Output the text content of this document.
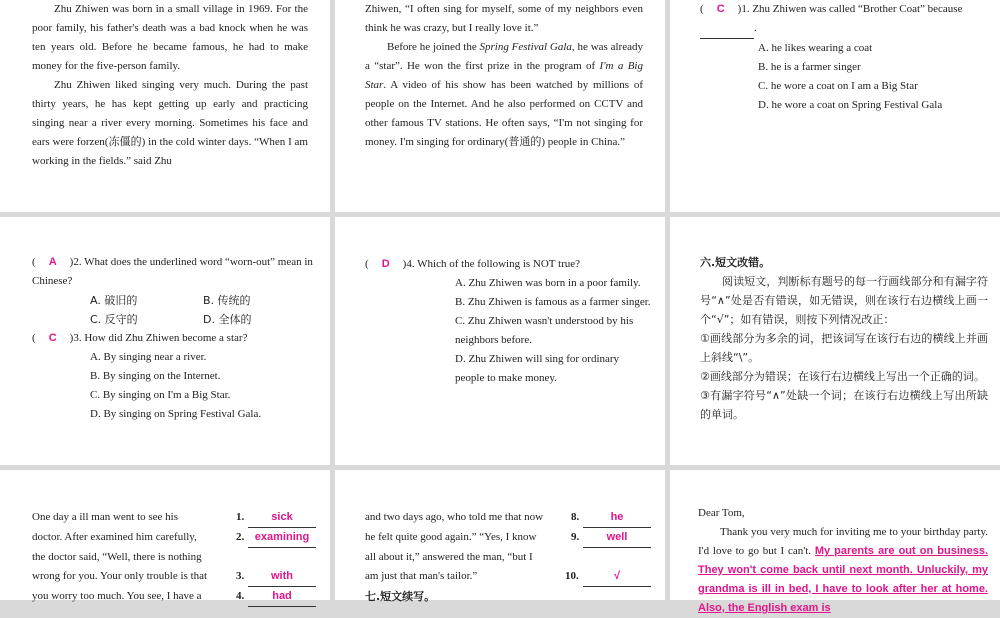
Zhu Zhiwen was born in a small village in 1969. For the poor family, his father's death was a bad knock when he was ten years old. Before he became famous, he had to make money for the five-person family.

Zhu Zhiwen liked singing very much. During the past thirty years, he has kept getting up early and practicing singing near a river every morning. Sometimes his face and ears were forzen(冻僵的) in the cold winter days. “When I am working in the fields.” said Zhu

Zhiwen, “I often sing for myself, some of my neighbors even think he was crazy, but I really love it.”

Before he joined the Spring Festival Gala, he was already a “star”. He won the first prize in the program of I'm a Big Star. A video of his show has been watched by millions of people on the Internet. And he also performed on CCTV and other famous TV stations. He often says, “I'm not singing for money. I'm singing for ordinary(普通的) people in China.”

( C )1. Zhu Zhiwen was called “Brother Coat” because  .

A. he likes wearing a coat
B. he is a farmer singer
C. he wore a coat on I am a Big Star
D. he wore a coat on Spring Festival Gala

( A )2. What does the underlined word “worn-out” mean in Chinese?

A. 破旧的	B. 传统的
C. 反守的	D. 全体的

( C )3. How did Zhu Zhiwen become a star?

A. By singing near a river.
B. By singing on the Internet.
C. By singing on I'm a Big Star.
D. By singing on Spring Festival Gala.

( D )4. Which of the following is NOT true?

A. Zhu Zhiwen was born in a poor family.
B. Zhu Zhiwen is famous as a farmer singer.
C. Zhu Zhiwen wasn't understood by his neighbors before.
D. Zhu Zhiwen will sing for ordinary people to make money.

六.短文改错。

阅读短文，判断标有题号的每一行画线部分和有漏字符号“∧”处是否有错误，如无错误，则在该行右边横线上画一个“√”；如有错误，则按下列情况改正：

①画线部分为多余的词，把该词写在该行右边的横线上并画上斜线“\”。

②画线部分为错误；在该行右边横线上写出一个正确的词。

③有漏字符号“∧”处缺一个词；在该行右边横线上写出所缺的单词。

One day a ill man went to see his	1.	sick
doctor. After examined him carefully,	2. examining
the doctor said, “Well, there is nothing
wrong for you. Your only trouble is that	3.	with
you worry too much. You see, I have a	4.	had
and two days ago, who told me that now	8.	he
he felt quite good again.” “Yes, I know	9.	well
all about it,” answered the man, “but I
am just that man's tailor.”	10.	√

七.短文续写。

Dear Tom,

Thank you very much for inviting me to your birthday party. I'd love to go but I can't. My parents are out on business. They won't come back until next month. Unluckily, my grandma is ill in bed, I have to look after her at home. Also, the English exam is
